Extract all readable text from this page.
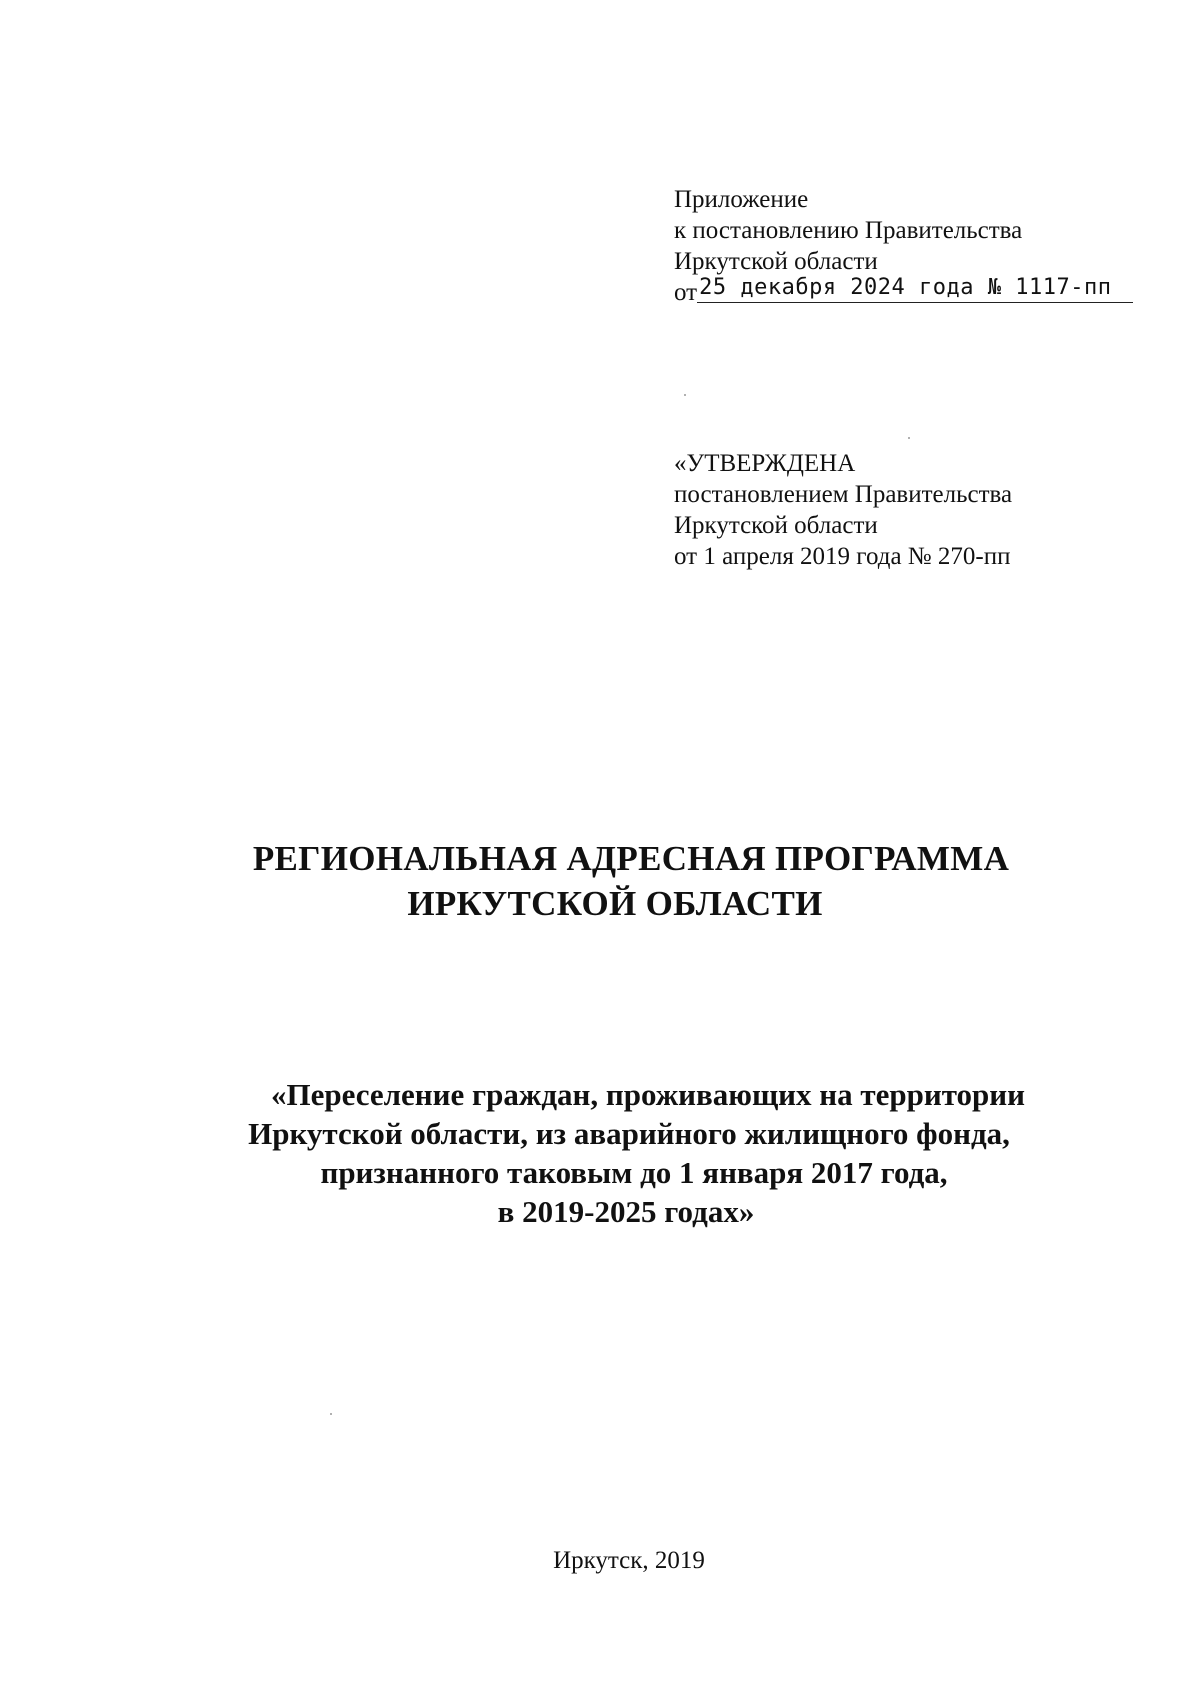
Приложение
к постановлению Правительства
Иркутской области
от 25 декабря 2024 года № 1117-пп
«УТВЕРЖДЕНА
постановлением Правительства
Иркутской области
от 1 апреля 2019 года № 270-пп
РЕГИОНАЛЬНАЯ АДРЕСНАЯ ПРОГРАММА
ИРКУТСКОЙ ОБЛАСТИ
«Переселение граждан, проживающих на территории
Иркутской области, из аварийного жилищного фонда,
признанного таковым до 1 января 2017 года,
в 2019-2025 годах»
Иркутск, 2019
